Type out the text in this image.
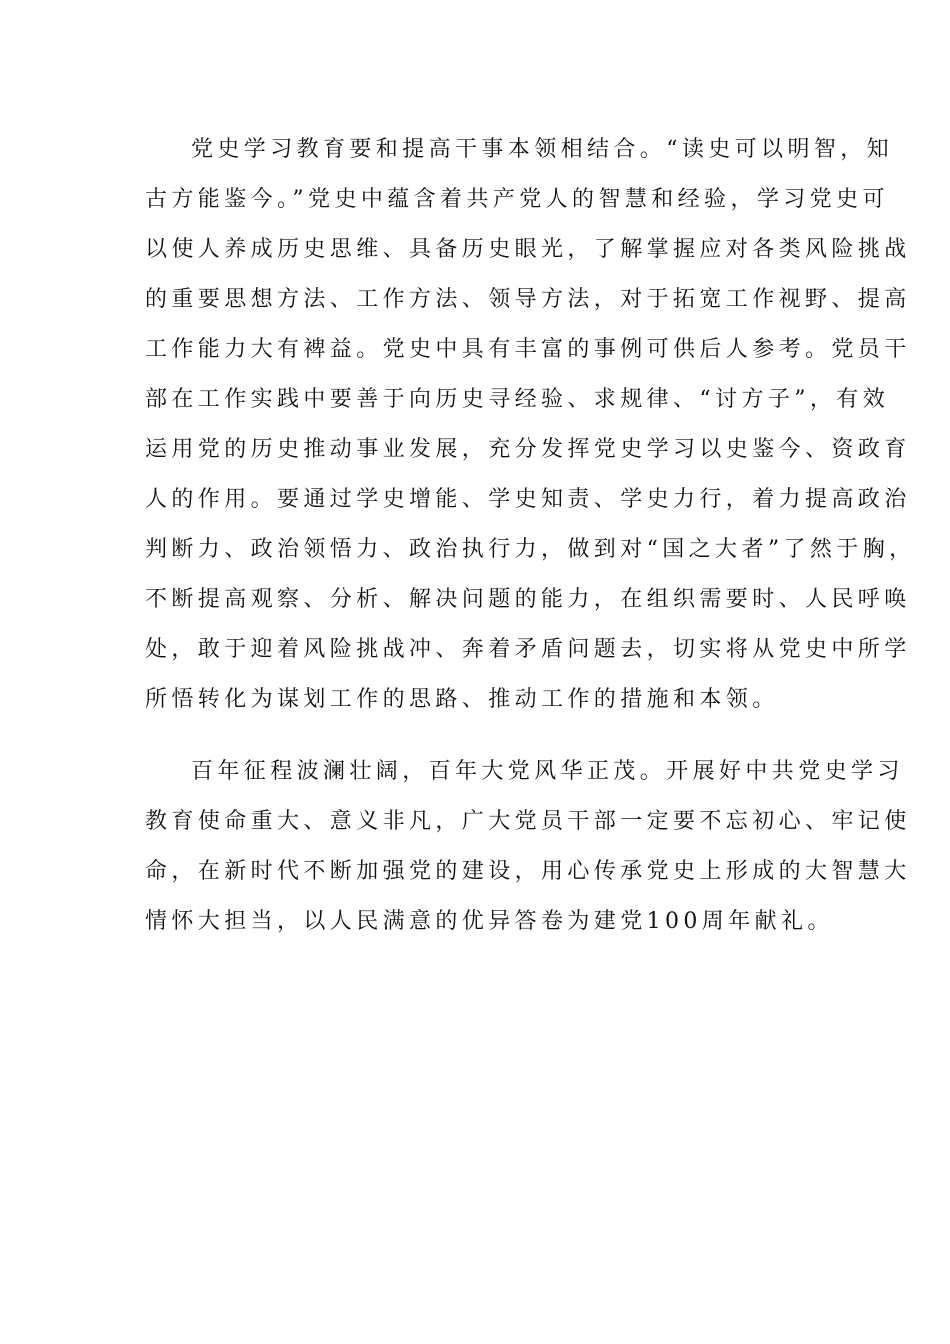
党史学习教育要和提高干事本领相结合。“读史可以明智，知
古方能鉴今。”党史中蕴含着共产党人的智慧和经验，学习党史可
以使人养成历史思维、具备历史眼光，了解掌握应对各类风险挑战
的重要思想方法、工作方法、领导方法，对于拓宽工作视野、提高
工作能力大有裨益。党史中具有丰富的事例可供后人参考。党员干
部在工作实践中要善于向历史寻经验、求规律、“讨方子”，有效
运用党的历史推动事业发展，充分发挥党史学习以史鉴今、资政育
人的作用。要通过学史增能、学史知责、学史力行，着力提高政治
判断力、政治领悟力、政治执行力，做到对“国之大者”了然于胸，
不断提高观察、分析、解决问题的能力，在组织需要时、人民呼唤
处，敢于迎着风险挑战冲、奔着矛盾问题去，切实将从党史中所学
所悟转化为谋划工作的思路、推动工作的措施和本领。
百年征程波澜壮阔，百年大党风华正茂。开展好中共党史学习
教育使命重大、意义非凡，广大党员干部一定要不忘初心、牢记使
命，在新时代不断加强党的建设，用心传承党史上形成的大智慧大
情怀大担当，以人民满意的优异答卷为建党100周年献礼。
